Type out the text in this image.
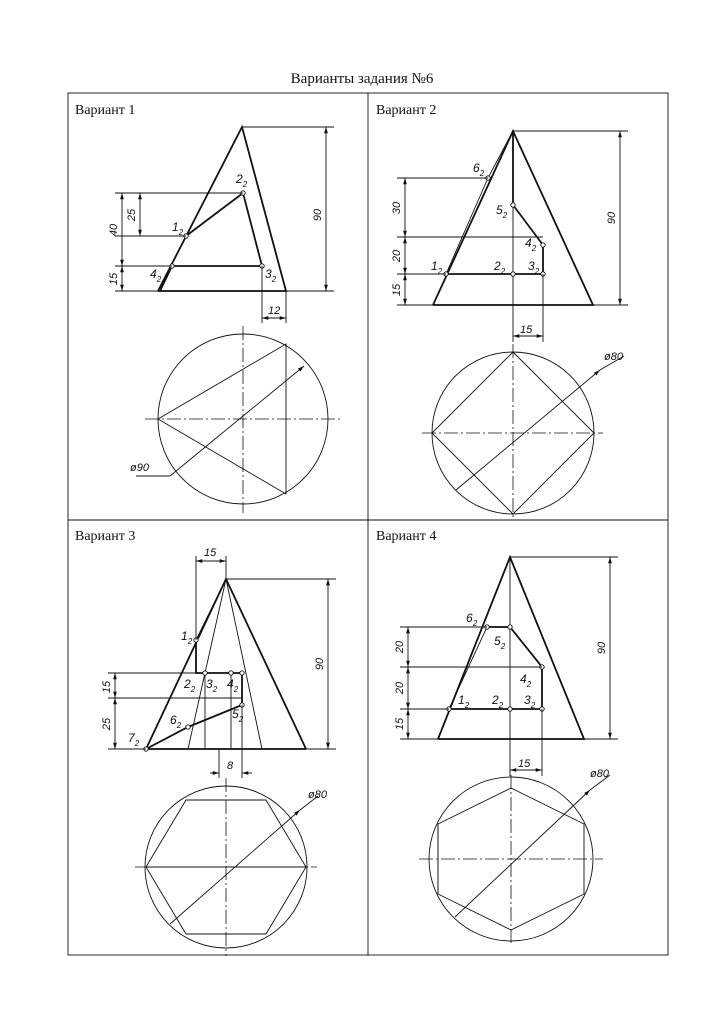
Варианты задания №6
Вариант 1
$1_2$
$2_2$
$3_2$
$4_2$
90
40
25
15
12
ø90
Вариант 2
$6_2$
$5_2$
$4_2$
$1_2$	$2_2$ $3_2$
90
30
20
15
15
ø80
Вариант 3
$1_2$
$2_2$ $3_2$ $4_2$
$5_2$
$6_2$
$7_2$
90
15
15
25
8
ø80
Вариант 4
$6_2$
$5_2$
$4_2$
$1_2$ $2_2$ $3_2$
90
20
20
15
15
ø80
